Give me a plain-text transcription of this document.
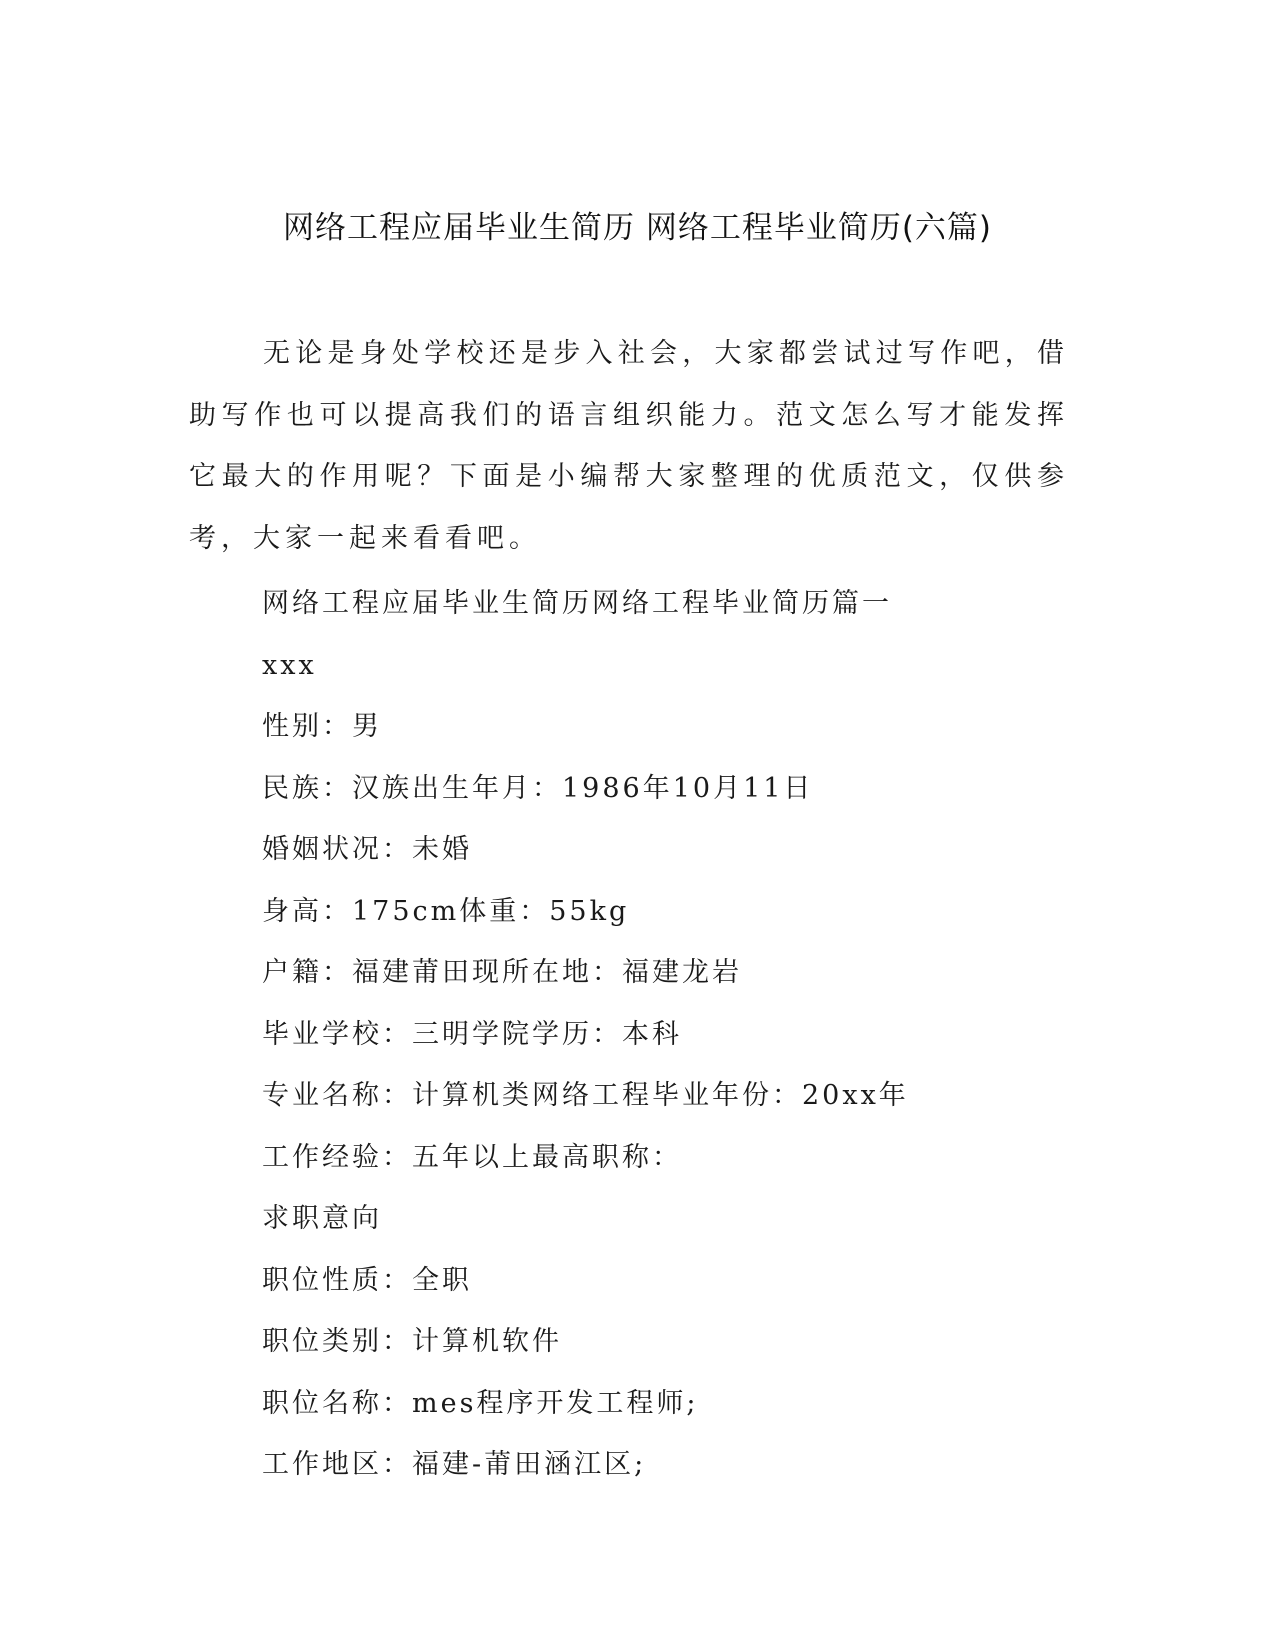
网络工程应届毕业生简历 网络工程毕业简历(六篇)

无论是身处学校还是步入社会，大家都尝试过写作吧，借助写作也可以提高我们的语言组织能力。范文怎么写才能发挥它最大的作用呢？下面是小编帮大家整理的优质范文，仅供参考，大家一起来看看吧。

网络工程应届毕业生简历网络工程毕业简历篇一
xxx
性别：男
民族：汉族出生年月：1986年10月11日
婚姻状况：未婚
身高：175cm体重：55kg
户籍：福建莆田现所在地：福建龙岩
毕业学校：三明学院学历：本科
专业名称：计算机类网络工程毕业年份：20xx年
工作经验：五年以上最高职称：
求职意向
职位性质：全职
职位类别：计算机软件
职位名称：mes程序开发工程师;
工作地区：福建-莆田涵江区;
